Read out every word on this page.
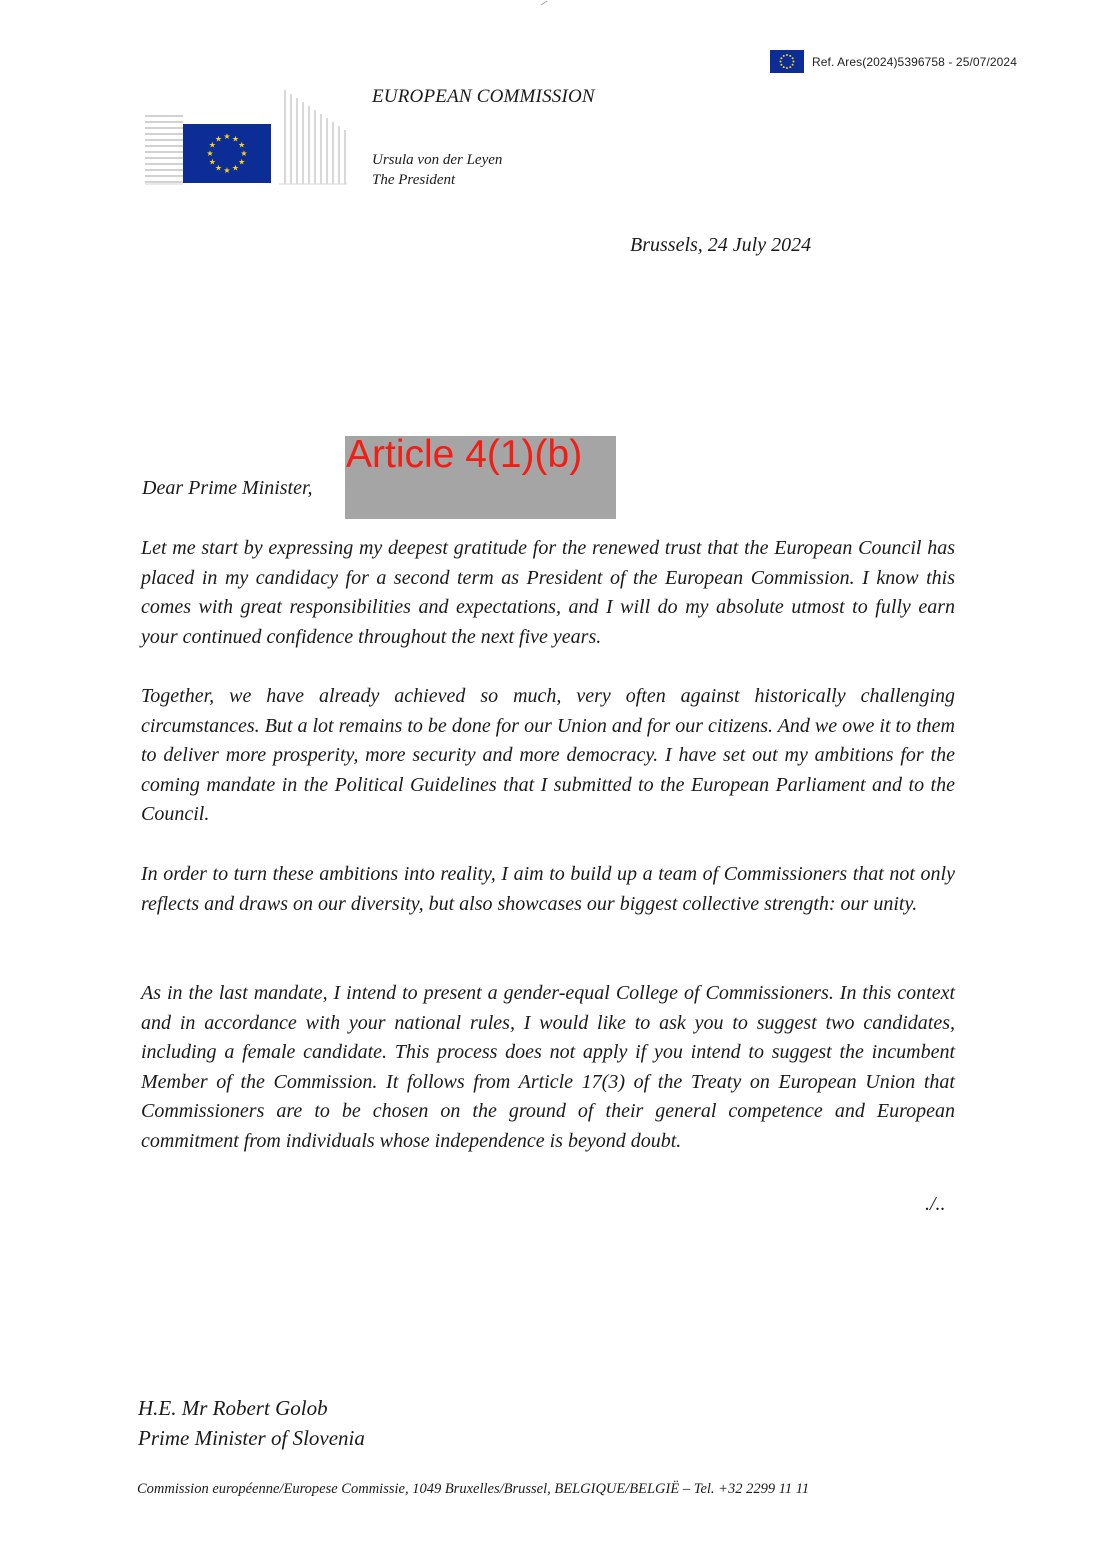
Ref. Ares(2024)5396758 - 25/07/2024
★ ★
★
★
★
★
★
★
★
★
★
★
EUROPEAN COMMISSION
Ursula von der Leyen
The President
Brussels, 24 July 2024
Dear Prime Minister,
Article 4(1)(b)
Let me start by expressing my deepest gratitude for the renewed trust that the European Council has placed in my candidacy for a second term as President of the European Commission. I know this comes with great responsibilities and expectations, and I will do my absolute utmost to fully earn your continued confidence throughout the next five years.
Together, we have already achieved so much, very often against historically challenging circumstances. But a lot remains to be done for our Union and for our citizens. And we owe it to them to deliver more prosperity, more security and more democracy. I have set out my ambitions for the coming mandate in the Political Guidelines that I submitted to the European Parliament and to the Council.
In order to turn these ambitions into reality, I aim to build up a team of Commissioners that not only reflects and draws on our diversity, but also showcases our biggest collective strength: our unity.
As in the last mandate, I intend to present a gender-equal College of Commissioners. In this context and in accordance with your national rules, I would like to ask you to suggest two candidates, including a female candidate. This process does not apply if you intend to suggest the incumbent Member of the Commission. It follows from Article 17(3) of the Treaty on European Union that Commissioners are to be chosen on the ground of their general competence and European commitment from individuals whose independence is beyond doubt.
./..
H.E. Mr Robert Golob
Prime Minister of Slovenia
Commission européenne/Europese Commissie, 1049 Bruxelles/Brussel, BELGIQUE/BELGIË – Tel. +32 2299 11 11
